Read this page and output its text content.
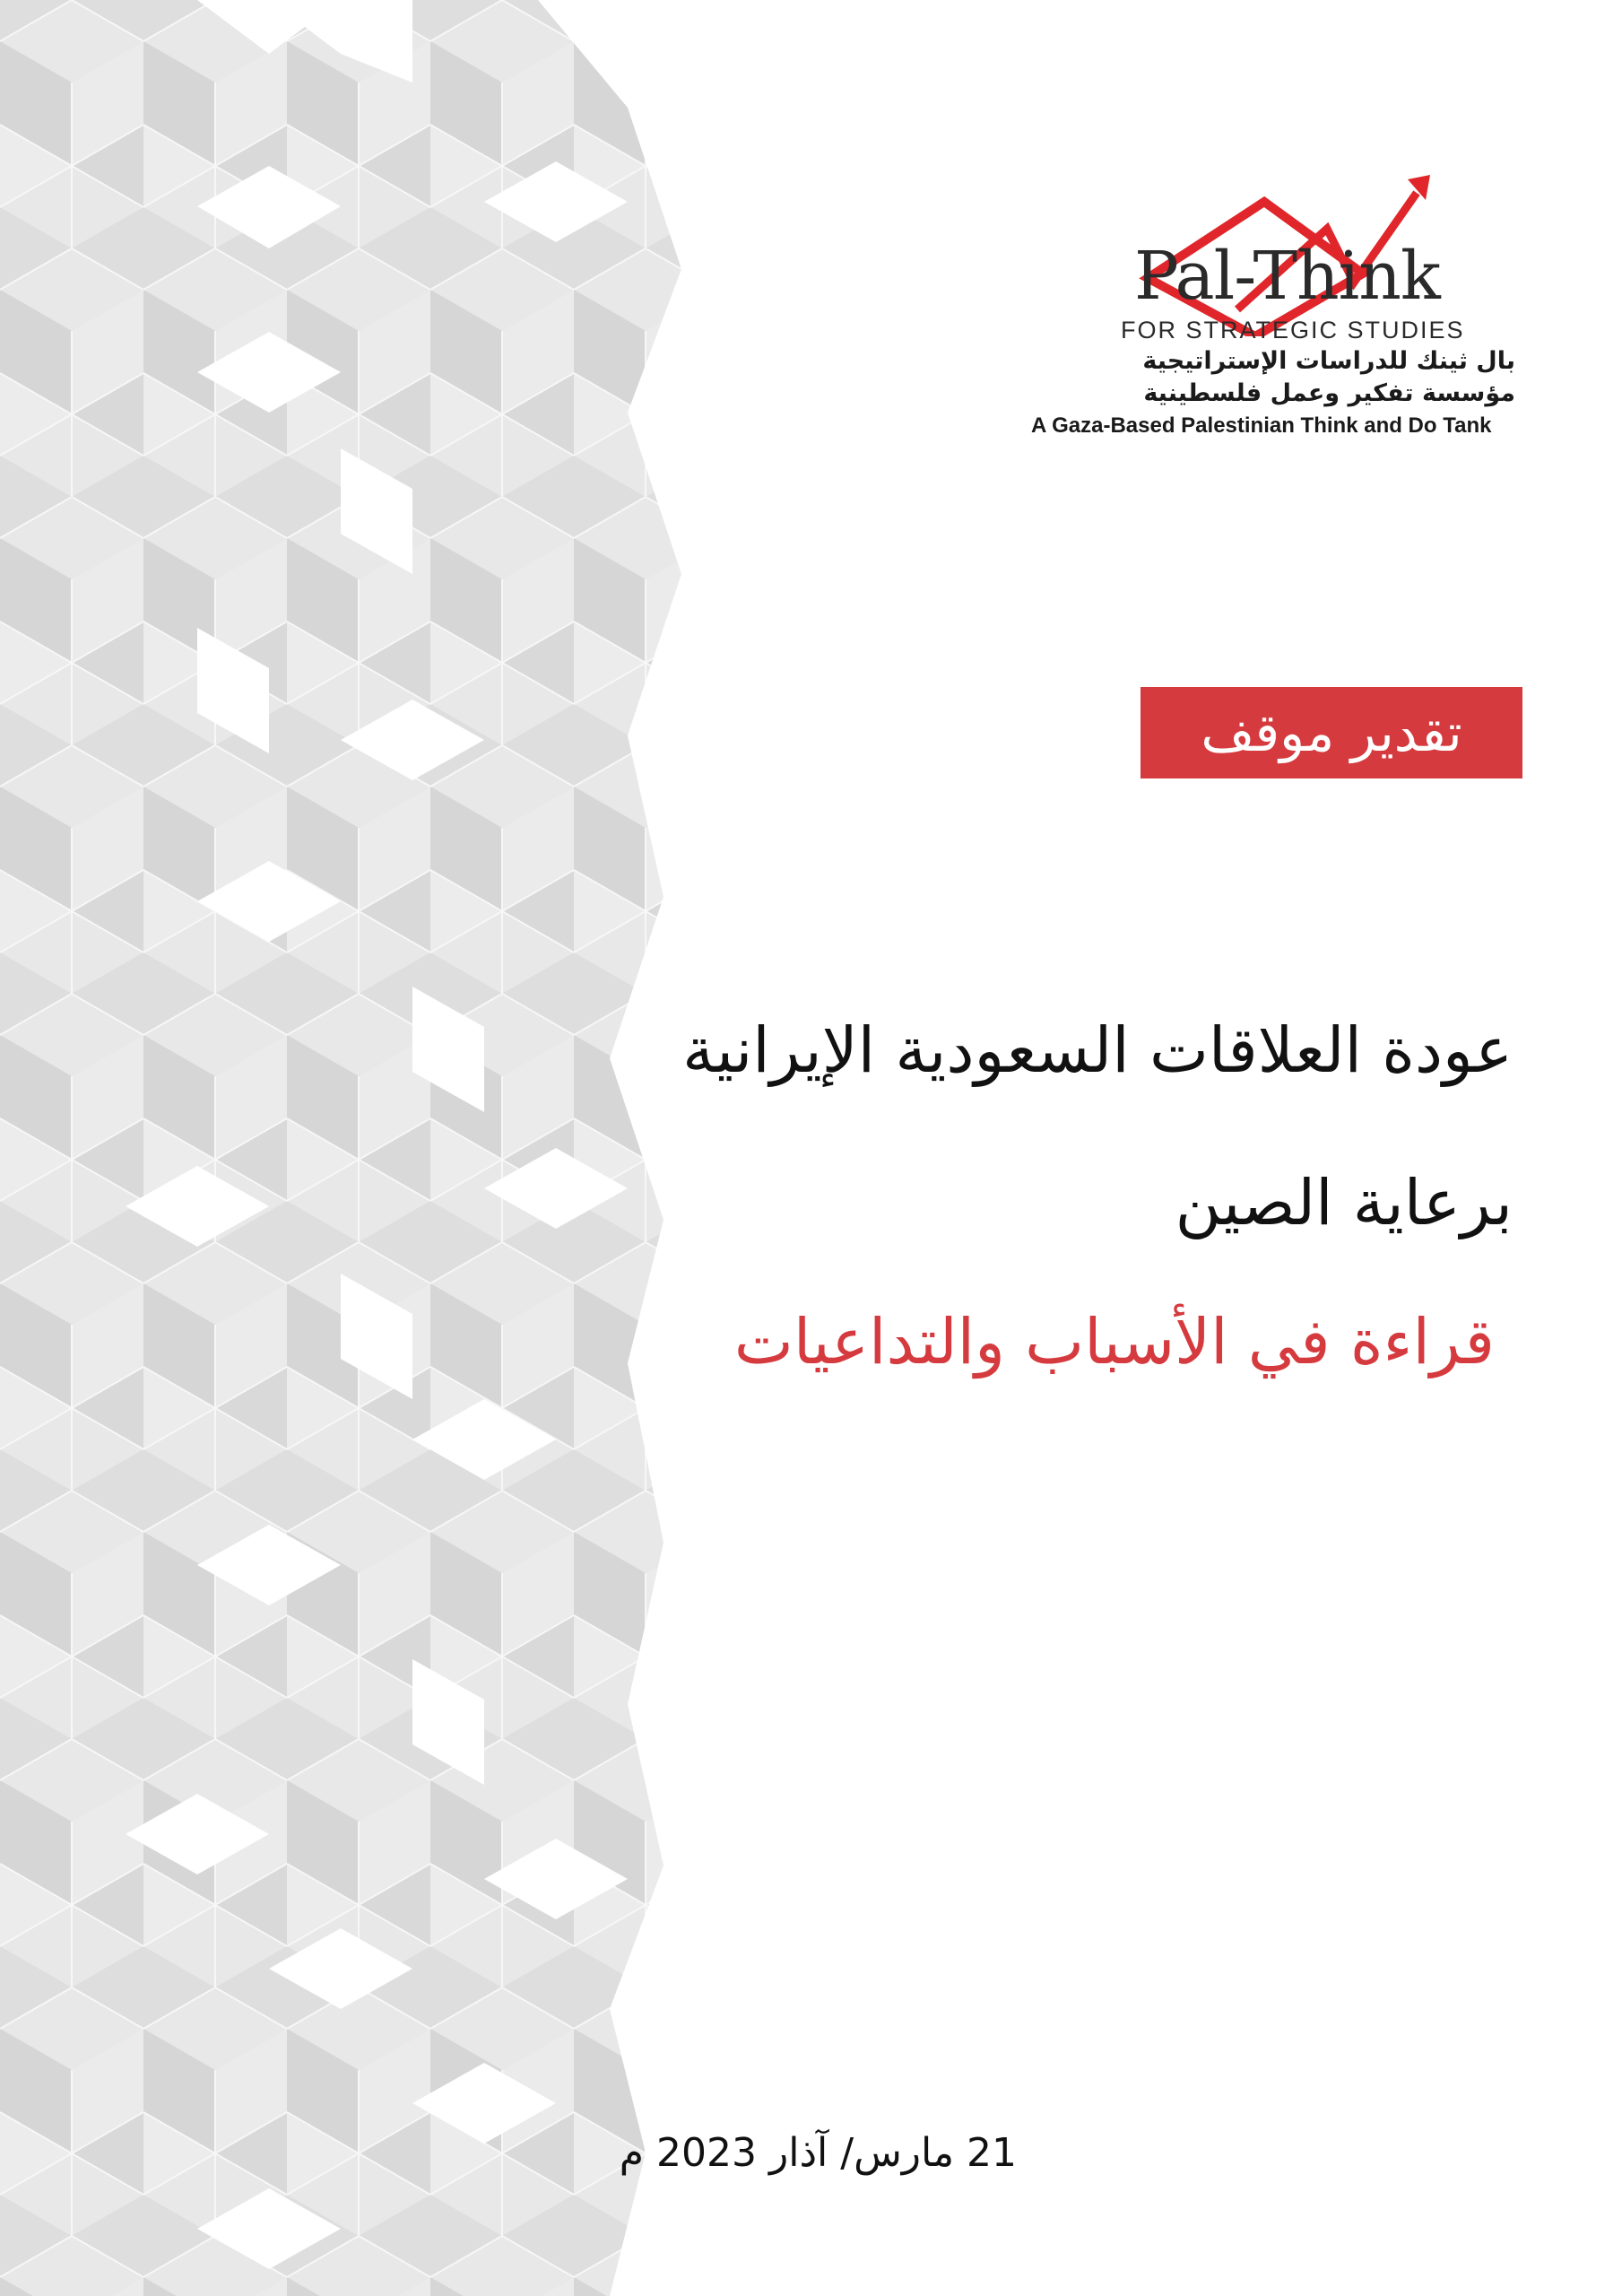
Pal-Think
FOR STRATEGIC STUDIES
بال ثينك للدراسات الإستراتيجية
مؤسسة تفكير وعمل فلسطينية
A Gaza-Based Palestinian Think and Do Tank
تقدير موقف
عودة العلاقات السعودية الإيرانية
برعاية الصين
قراءة في الأسباب والتداعيات
21 مارس/ آذار 2023 م
